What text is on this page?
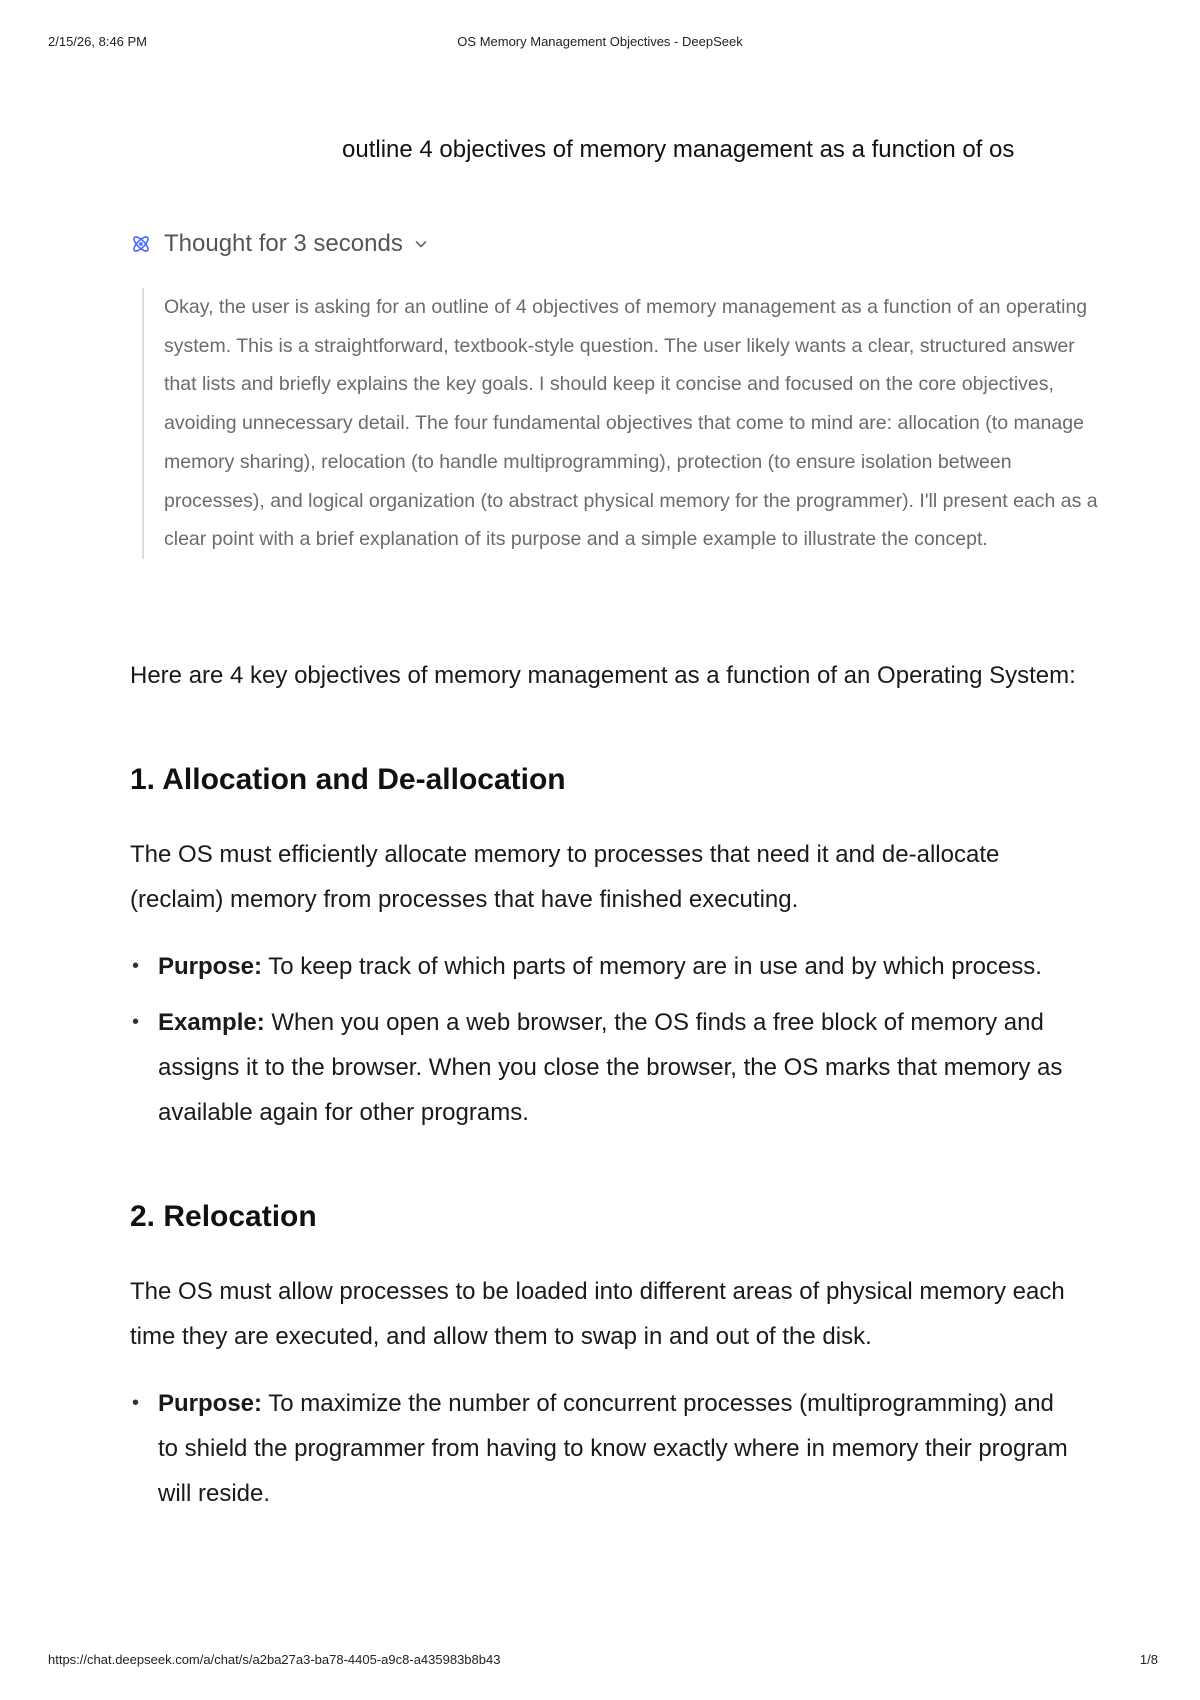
2/15/26, 8:46 PM	OS Memory Management Objectives - DeepSeek
outline 4 objectives of memory management as a function of os
Thought for 3 seconds
Okay, the user is asking for an outline of 4 objectives of memory management as a function of an operating system. This is a straightforward, textbook-style question. The user likely wants a clear, structured answer that lists and briefly explains the key goals. I should keep it concise and focused on the core objectives, avoiding unnecessary detail. The four fundamental objectives that come to mind are: allocation (to manage memory sharing), relocation (to handle multiprogramming), protection (to ensure isolation between processes), and logical organization (to abstract physical memory for the programmer). I'll present each as a clear point with a brief explanation of its purpose and a simple example to illustrate the concept.

Here are 4 key objectives of memory management as a function of an Operating System:

1. Allocation and De-allocation

The OS must efficiently allocate memory to processes that need it and de-allocate (reclaim) memory from processes that have finished executing.

• Purpose: To keep track of which parts of memory are in use and by which process.
• Example: When you open a web browser, the OS finds a free block of memory and assigns it to the browser. When you close the browser, the OS marks that memory as available again for other programs.
2. Relocation

The OS must allow processes to be loaded into different areas of physical memory each time they are executed, and allow them to swap in and out of the disk.

• Purpose: To maximize the number of concurrent processes (multiprogramming) and to shield the programmer from having to know exactly where in memory their program will reside.
https://chat.deepseek.com/a/chat/s/a2ba27a3-ba78-4405-a9c8-a435983b8b43	1/8
